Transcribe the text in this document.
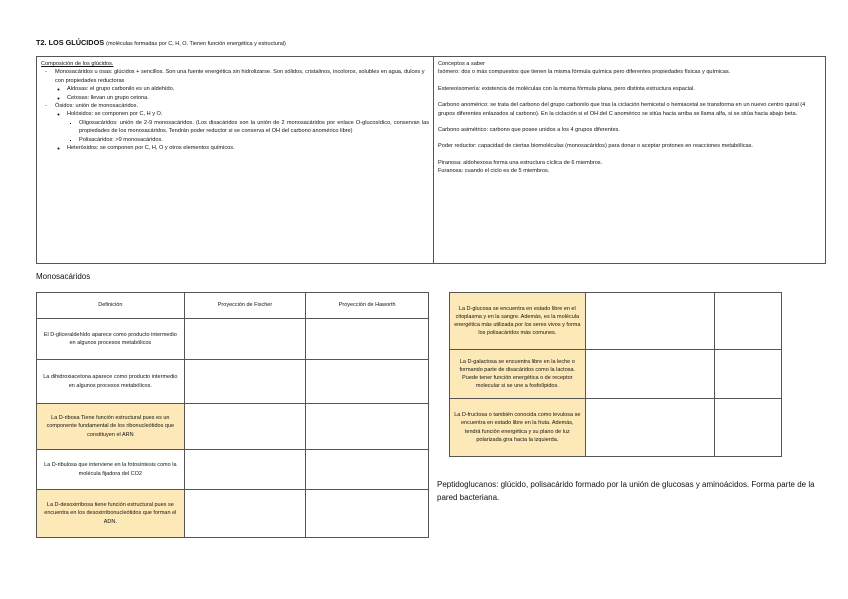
T2. LOS GLÚCIDOS (moléculas formadas por C, H, O. Tienen función energética y estructural)
Composición de los glúcidos.
- Monosacáridos u osas: glúcidos + sencillos. Son una fuente energética sin hidrolizarse. Son sólidos, cristalinos, incoloros, solubles en agua, dulces y con propiedades reductoras
◦ Aldosas: el grupo carbonilo es un aldehído.
◦ Cetosas: llevan un grupo cetona.
- Ósidos: unión de monosacáridos.
◦ Holósidos: se componen por C, H y O.
▪ Oligosacáridos: unión de 2-9 monosacáridos. (Los disacáridos son la unión de 2 monosacáridos por enlace O-glucosídico, conservan las propiedades de los monosacáridos. Tendrán poder reductor si se conserva el OH del carbono anomérico libre)
▪ Polisacáridos: >9 monosacáridos.
◦ Heterósidos: se componen por C, H, O y otros elementos químicos.

Conceptos a saber

Isómero: dos o más compuestos que tienen la misma fórmula química pero diferentes propiedades físicas y químicas.

Estereoisomería: existencia de moléculas con la misma fórmula plana, pero distinta estructura espacial.

Carbono anomérico: se trata del carbono del grupo carbonilo que tras la ciclación hemicetal o hemiacetal se transforma en un nuevo centro quiral (4 grupos diferentes enlazados al carbono). En la ciclación si el OH del C anomérico se sitúa hacia arriba se llama alfa, si se sitúa hacia abajo beta.

Carbono asimétrico: carbono que posee unidos a los 4 grupos diferentes.

Poder reductor: capacidad de ciertas biomoléculas (monosacáridos) para donar o aceptar protones en reacciones metabólicas.

Piranosa: aldohexosa forma una estructura cíclica de 6 miembros.
Furanosa: cuando el ciclo es de 5 miembros.
Monosacáridos
Definición	Proyección de Fischer	Proyección de Haworth
El D-gliceraldehído aparece como producto intermedio en algunos procesos metabólicos		
La dihidroxiacetona aparece como producto intermedio en algunos procesos metabólicos.		
La D-ribosa Tiene función estructural pues es un componente fundamental de los ribonucleótidos que constituyen el ARN		
La D-ribulosa que interviene en la fotosíntesis como la molécula fijadora del CO2		
La D-desoxirribosa tiene función estructural pues se encuentra en los desoxirribonucleótidos que forman el ADN.		
La D-glucosa se encuentra en estado libre en el citoplasma y en la sangre. Además, es la molécula energética más utilizada por los seres vivos y forma los polisacáridos más comunes.		
La D-galactosa se encuentra libre en la leche o formando parte de disacáridos como la lactosa. Puede tener función energética o de receptor molecular si se une a fosfolípidos.		
La D-fructosa o también conocida como levulosa se encuentra en estado libre en la fruta. Además, tendrá función energética y su plano de luz polarizada gira hacia la izquierda.		
Peptidoglucanos: glúcido, polisacárido formado por la unión de glucosas y aminoácidos. Forma parte de la pared bacteriana.
